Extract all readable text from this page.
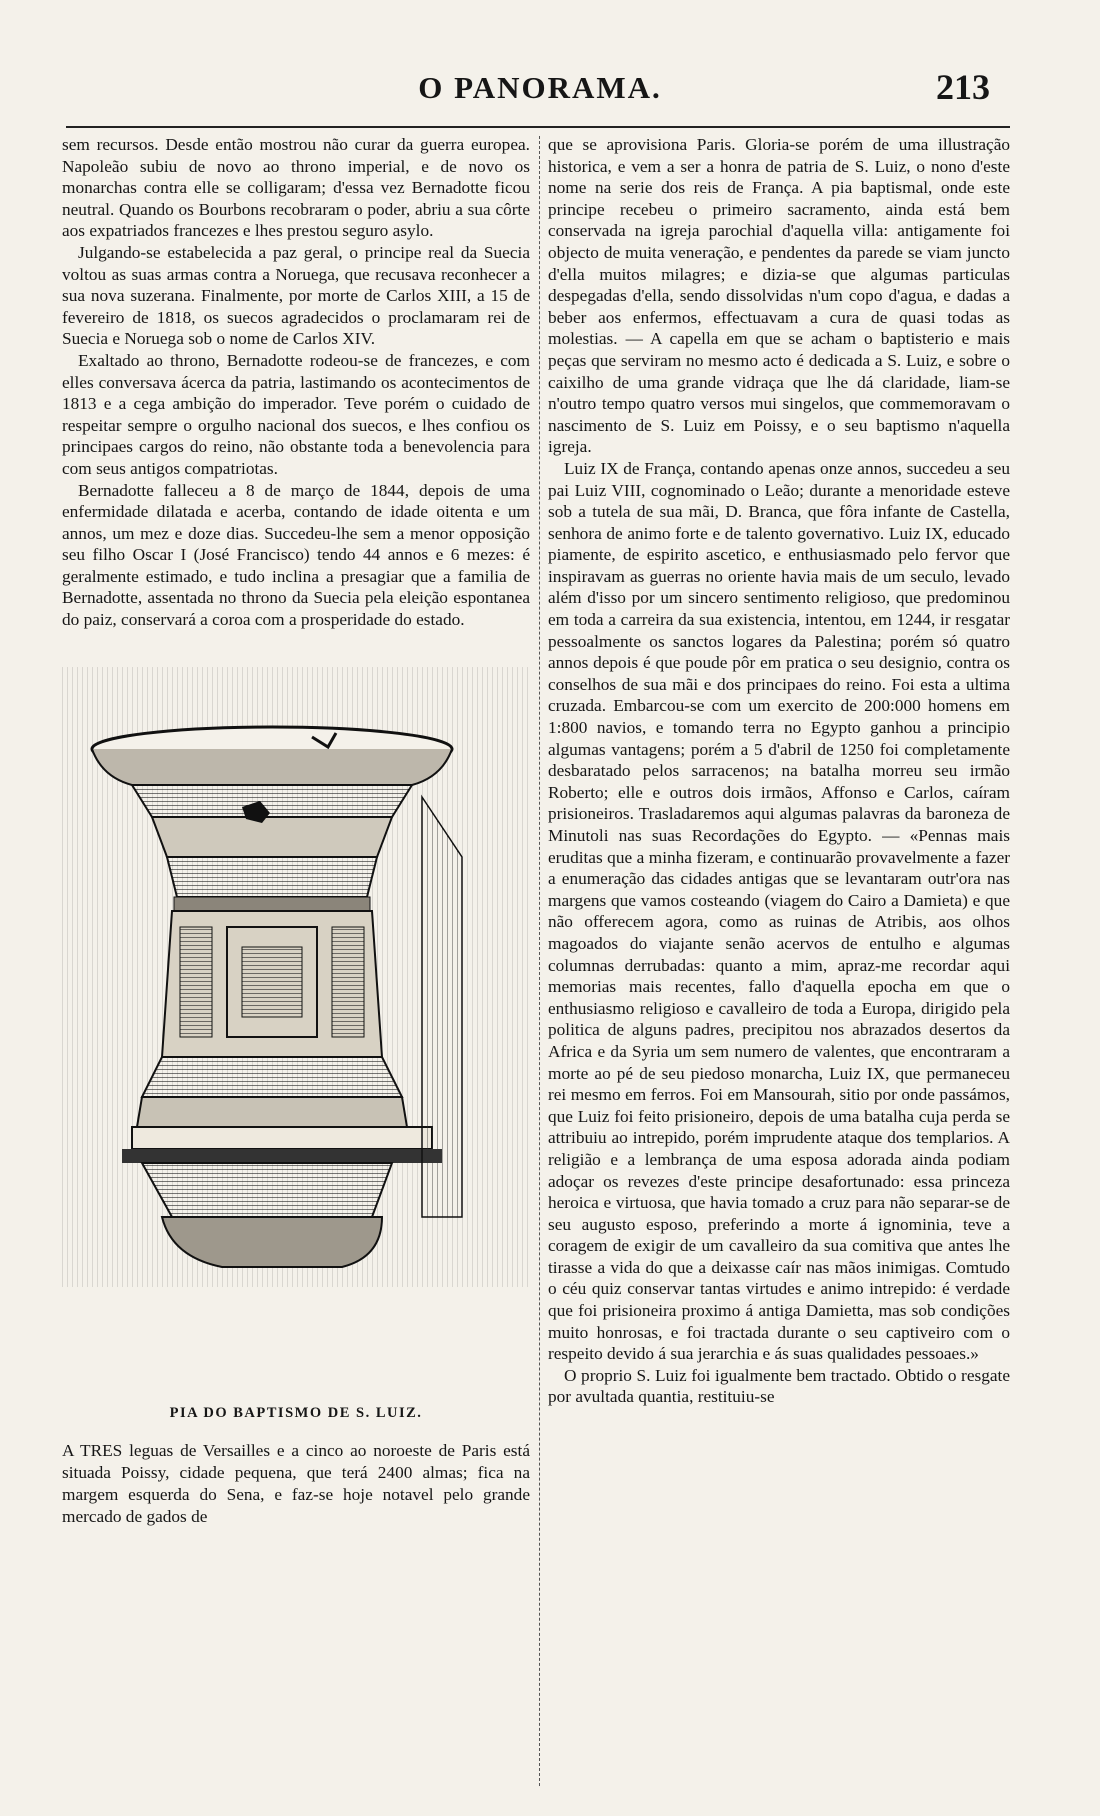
O PANORAMA.	213

sem recursos. Desde então mostrou não curar da guerra europea. Napoleão subiu de novo ao throno imperial, e de novo os monarchas contra elle se colligaram; d'essa vez Bernadotte ficou neutral. Quando os Bourbons recobraram o poder, abriu a sua côrte aos expatriados francezes e lhes prestou seguro asylo.

Julgando-se estabelecida a paz geral, o principe real da Suecia voltou as suas armas contra a Noruega, que recusava reconhecer a sua nova suzerana. Finalmente, por morte de Carlos XIII, a 15 de fevereiro de 1818, os suecos agradecidos o proclamaram rei de Suecia e Noruega sob o nome de Carlos XIV.

Exaltado ao throno, Bernadotte rodeou-se de francezes, e com elles conversava ácerca da patria, lastimando os acontecimentos de 1813 e a cega ambição do imperador. Teve porém o cuidado de respeitar sempre o orgulho nacional dos suecos, e lhes confiou os principaes cargos do reino, não obstante toda a benevolencia para com seus antigos compatriotas.

Bernadotte falleceu a 8 de março de 1844, depois de uma enfermidade dilatada e acerba, contando de idade oitenta e um annos, um mez e doze dias. Succedeu-lhe sem a menor opposição seu filho Oscar I (José Francisco) tendo 44 annos e 6 mezes: é geralmente estimado, e tudo inclina a presagiar que a familia de Bernadotte, assentada no throno da Suecia pela eleição espontanea do paiz, conservará a coroa com a prosperidade do estado.

PIA DO BAPTISMO DE S. LUIZ.

A TRES leguas de Versailles e a cinco ao noroeste de Paris está situada Poissy, cidade pequena, que terá 2400 almas; fica na margem esquerda do Sena, e faz-se hoje notavel pelo grande mercado de gados de

que se aprovisiona Paris. Gloria-se porém de uma illustração historica, e vem a ser a honra de patria de S. Luiz, o nono d'este nome na serie dos reis de França. A pia baptismal, onde este principe recebeu o primeiro sacramento, ainda está bem conservada na igreja parochial d'aquella villa: antigamente foi objecto de muita veneração, e pendentes da parede se viam juncto d'ella muitos milagres; e dizia-se que algumas particulas despegadas d'ella, sendo dissolvidas n'um copo d'agua, e dadas a beber aos enfermos, effectuavam a cura de quasi todas as molestias. — A capella em que se acham o baptisterio e mais peças que serviram no mesmo acto é dedicada a S. Luiz, e sobre o caixilho de uma grande vidraça que lhe dá claridade, liam-se n'outro tempo quatro versos mui singelos, que commemoravam o nascimento de S. Luiz em Poissy, e o seu baptismo n'aquella igreja.

Luiz IX de França, contando apenas onze annos, succedeu a seu pai Luiz VIII, cognominado o Leão; durante a menoridade esteve sob a tutela de sua mãi, D. Branca, que fôra infante de Castella, senhora de animo forte e de talento governativo. Luiz IX, educado piamente, de espirito ascetico, e enthusiasmado pelo fervor que inspiravam as guerras no oriente havia mais de um seculo, levado além d'isso por um sincero sentimento religioso, que predominou em toda a carreira da sua existencia, intentou, em 1244, ir resgatar pessoalmente os sanctos logares da Palestina; porém só quatro annos depois é que poude pôr em pratica o seu designio, contra os conselhos de sua mãi e dos principaes do reino. Foi esta a ultima cruzada. Embarcou-se com um exercito de 200:000 homens em 1:800 navios, e tomando terra no Egypto ganhou a principio algumas vantagens; porém a 5 d'abril de 1250 foi completamente desbaratado pelos sarracenos; na batalha morreu seu irmão Roberto; elle e outros dois irmãos, Affonso e Carlos, caíram prisioneiros. Trasladaremos aqui algumas palavras da baroneza de Minutoli nas suas Recordações do Egypto. — «Pennas mais eruditas que a minha fizeram, e continuarão provavelmente a fazer a enumeração das cidades antigas que se levantaram outr'ora nas margens que vamos costeando (viagem do Cairo a Damieta) e que não offerecem agora, como as ruinas de Atribis, aos olhos magoados do viajante senão acervos de entulho e algumas columnas derrubadas: quanto a mim, apraz-me recordar aqui memorias mais recentes, fallo d'aquella epocha em que o enthusiasmo religioso e cavalleiro de toda a Europa, dirigido pela politica de alguns padres, precipitou nos abrazados desertos da Africa e da Syria um sem numero de valentes, que encontraram a morte ao pé de seu piedoso monarcha, Luiz IX, que permaneceu rei mesmo em ferros. Foi em Mansourah, sitio por onde passámos, que Luiz foi feito prisioneiro, depois de uma batalha cuja perda se attribuiu ao intrepido, porém imprudente ataque dos templarios. A religião e a lembrança de uma esposa adorada ainda podiam adoçar os revezes d'este principe desafortunado: essa princeza heroica e virtuosa, que havia tomado a cruz para não separar-se de seu augusto esposo, preferindo a morte á ignominia, teve a coragem de exigir de um cavalleiro da sua comitiva que antes lhe tirasse a vida do que a deixasse caír nas mãos inimigas. Comtudo o céu quiz conservar tantas virtudes e animo intrepido: é verdade que foi prisioneira proximo á antiga Damietta, mas sob condições muito honrosas, e foi tractada durante o seu captiveiro com o respeito devido á sua jerarchia e ás suas qualidades pessoaes.»

O proprio S. Luiz foi igualmente bem tractado. Obtido o resgate por avultada quantia, restituiu-se
